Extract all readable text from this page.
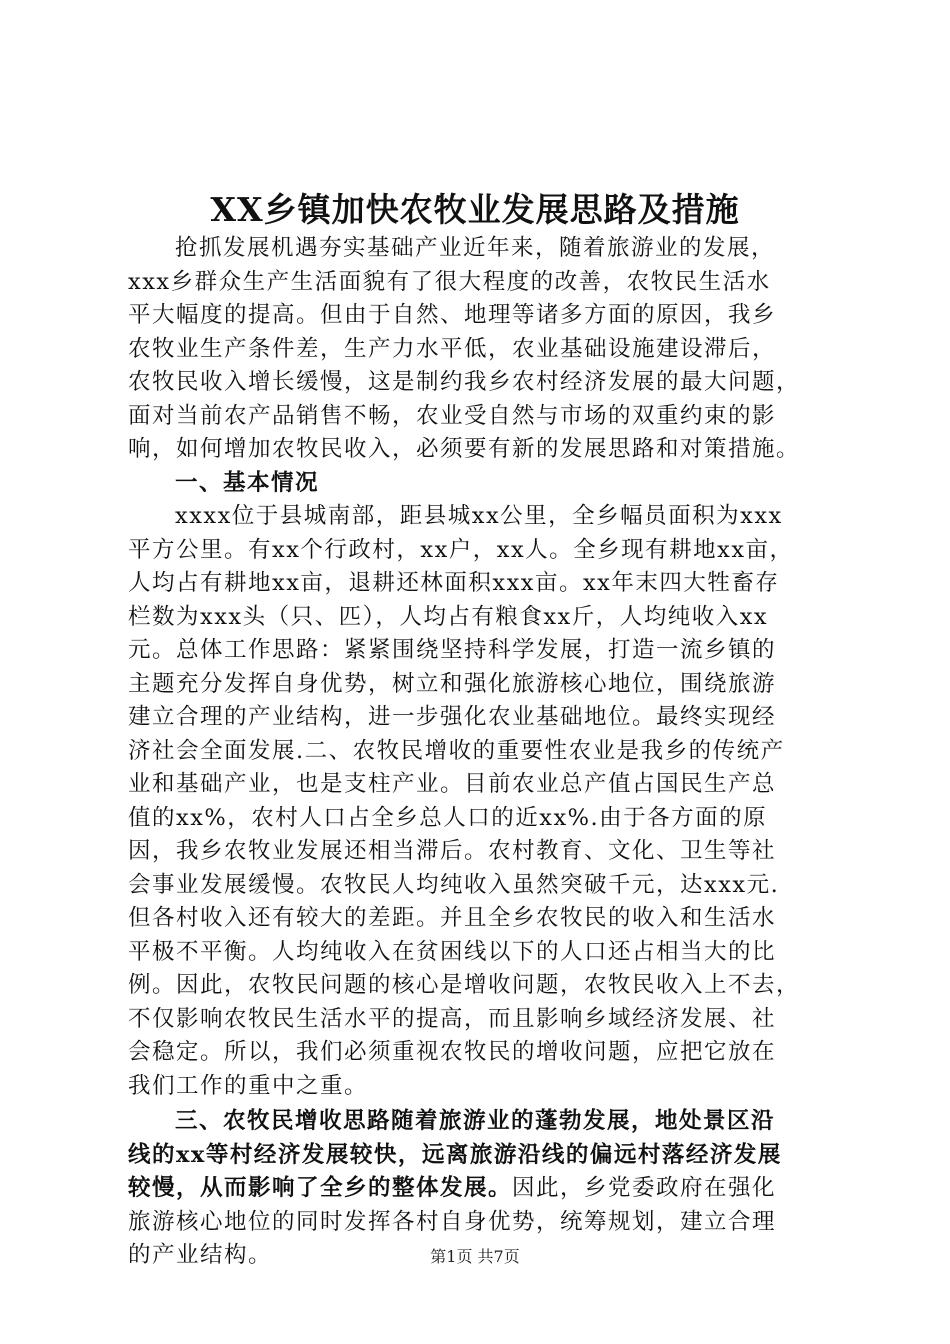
XX乡镇加快农牧业发展思路及措施
抢抓发展机遇夯实基础产业近年来，随着旅游业的发展，
xxx乡群众生产生活面貌有了很大程度的改善，农牧民生活水
平大幅度的提高。但由于自然、地理等诸多方面的原因，我乡
农牧业生产条件差，生产力水平低，农业基础设施建设滞后，
农牧民收入增长缓慢，这是制约我乡农村经济发展的最大问题，
面对当前农产品销售不畅，农业受自然与市场的双重约束的影
响，如何增加农牧民收入，必须要有新的发展思路和对策措施。
一、基本情况
xxxx位于县城南部，距县城xx公里，全乡幅员面积为xxx
平方公里。有xx个行政村，xx户，xx人。全乡现有耕地xx亩，
人均占有耕地xx亩，退耕还林面积xxx亩。xx年末四大牲畜存
栏数为xxx头（只、匹），人均占有粮食xx斤，人均纯收入xx
元。总体工作思路：紧紧围绕坚持科学发展，打造一流乡镇的
主题充分发挥自身优势，树立和强化旅游核心地位，围绕旅游
建立合理的产业结构，进一步强化农业基础地位。最终实现经
济社会全面发展.二、农牧民增收的重要性农业是我乡的传统产
业和基础产业，也是支柱产业。目前农业总产值占国民生产总
值的xx%，农村人口占全乡总人口的近xx%.由于各方面的原
因，我乡农牧业发展还相当滞后。农村教育、文化、卫生等社
会事业发展缓慢。农牧民人均纯收入虽然突破千元，达xxx元.
但各村收入还有较大的差距。并且全乡农牧民的收入和生活水
平极不平衡。人均纯收入在贫困线以下的人口还占相当大的比
例。因此，农牧民问题的核心是增收问题，农牧民收入上不去，
不仅影响农牧民生活水平的提高，而且影响乡域经济发展、社
会稳定。所以，我们必须重视农牧民的增收问题，应把它放在
我们工作的重中之重。
三、农牧民增收思路随着旅游业的蓬勃发展，地处景区沿
线的xx等村经济发展较快，远离旅游沿线的偏远村落经济发展
较慢，从而影响了全乡的整体发展。因此，乡党委政府在强化
旅游核心地位的同时发挥各村自身优势，统筹规划，建立合理
的产业结构。	第1页 共7页
